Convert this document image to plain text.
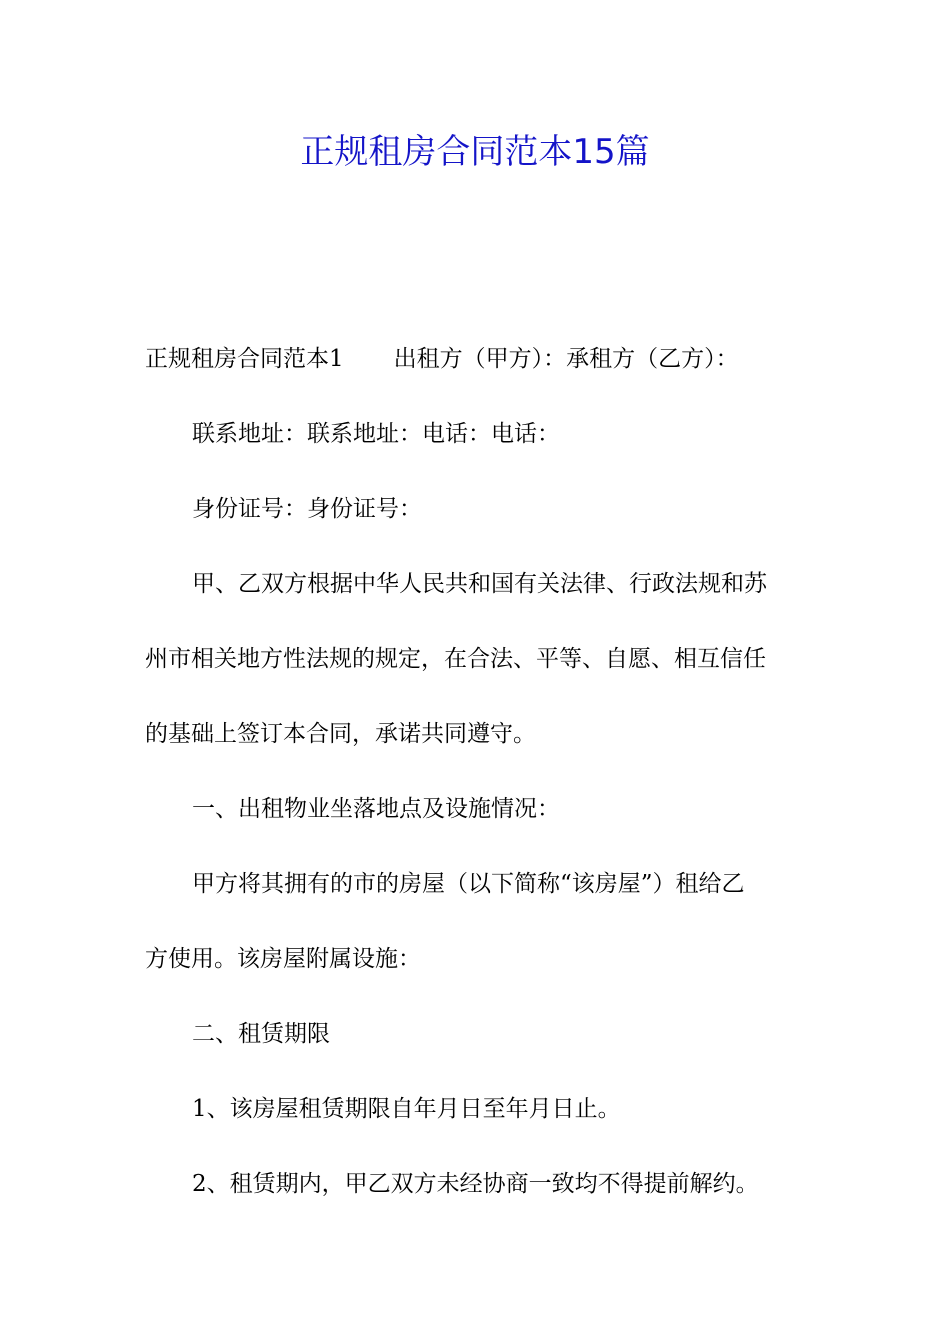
正规租房合同范本15篇

正规租房合同范本1 出租方（甲方）：承租方（乙方）：

联系地址：联系地址：电话：电话：

身份证号：身份证号：

甲、乙双方根据中华人民共和国有关法律、行政法规和苏

州市相关地方性法规的规定，在合法、平等、自愿、相互信任

的基础上签订本合同，承诺共同遵守。

一、出租物业坐落地点及设施情况：

甲方将其拥有的市的房屋（以下简称“该房屋”）租给乙

方使用。该房屋附属设施：

二、租赁期限

1、该房屋租赁期限自年月日至年月日止。

2、租赁期内，甲乙双方未经协商一致均不得提前解约。
